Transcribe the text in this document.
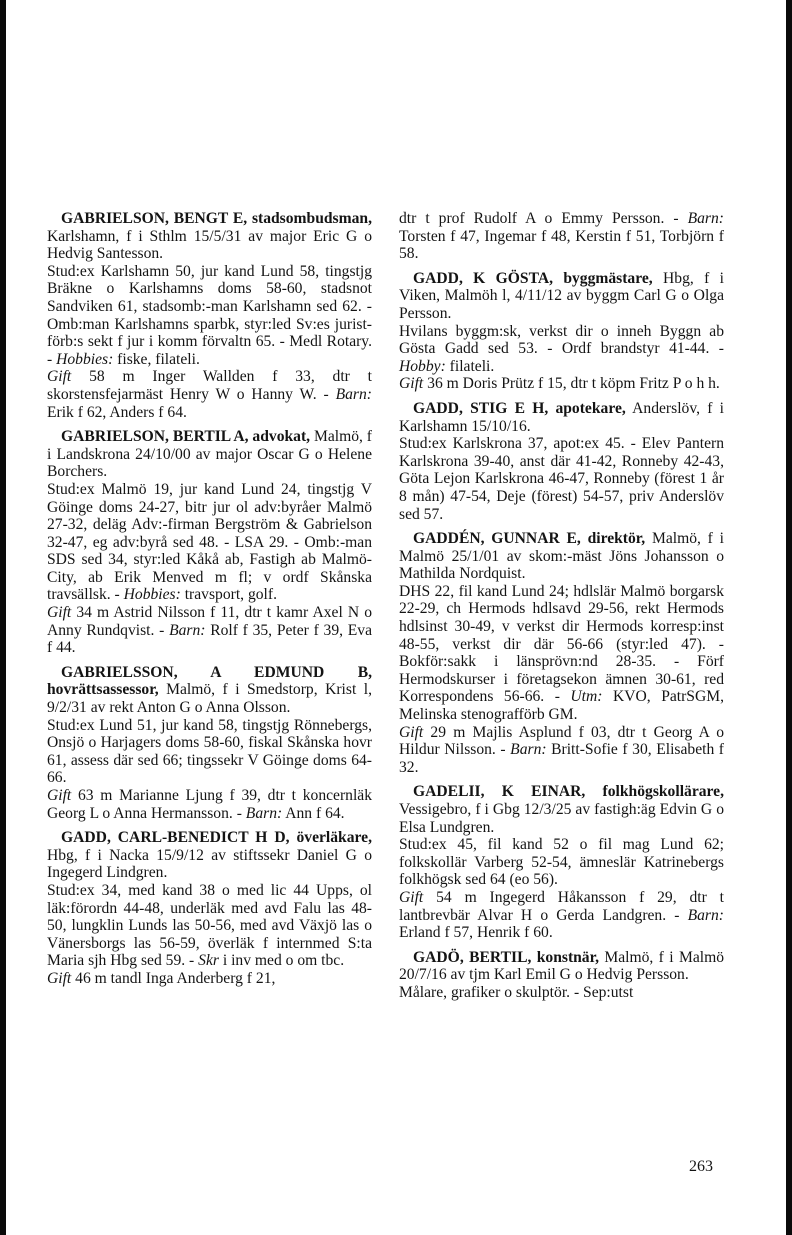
GABRIELSON, BENGT E, stadsombudsman, Karlshamn, f i Sthlm 15/5/31 av major Eric G o Hedvig Santesson.

Stud:ex Karlshamn 50, jur kand Lund 58, tingstjg Bräkne o Karlshamns doms 58-60, stadsnot Sandviken 61, stadsomb:-man Karlshamn sed 62. - Omb:man Karlshamns sparbk, styr:led Sv:es jurist-förb:s sekt f jur i komm förvaltn 65. - Medl Rotary. - Hobbies: fiske, filateli.

Gift 58 m Inger Wallden f 33, dtr t skorstensfejarmäst Henry W o Hanny W. - Barn: Erik f 62, Anders f 64.

GABRIELSON, BERTIL A, advokat, Malmö, f i Landskrona 24/10/00 av major Oscar G o Helene Borchers.

Stud:ex Malmö 19, jur kand Lund 24, tingstjg V Göinge doms 24-27, bitr jur ol adv:byråer Malmö 27-32, deläg Adv:-firman Bergström & Gabrielson 32-47, eg adv:byrå sed 48. - LSA 29. - Omb:-man SDS sed 34, styr:led Kåkå ab, Fastigh ab Malmö-City, ab Erik Menved m fl; v ordf Skånska travsällsk. - Hobbies: travsport, golf.

Gift 34 m Astrid Nilsson f 11, dtr t kamr Axel N o Anny Rundqvist. - Barn: Rolf f 35, Peter f 39, Eva f 44.

GABRIELSSON, A EDMUND B, hovrättsassessor, Malmö, f i Smedstorp, Krist l, 9/2/31 av rekt Anton G o Anna Olsson.

Stud:ex Lund 51, jur kand 58, tingstjg Rönnebergs, Onsjö o Harjagers doms 58-60, fiskal Skånska hovr 61, assess där sed 66; tingssekr V Göinge doms 64-66.

Gift 63 m Marianne Ljung f 39, dtr t koncernläk Georg L o Anna Hermansson. - Barn: Ann f 64.

GADD, CARL-BENEDICT H D, överläkare, Hbg, f i Nacka 15/9/12 av stiftssekr Daniel G o Ingegerd Lindgren.

Stud:ex 34, med kand 38 o med lic 44 Upps, ol läk:förordn 44-48, underläk med avd Falu las 48-50, lungklin Lunds las 50-56, med avd Växjö las o Vänersborgs las 56-59, överläk f internmed S:ta Maria sjh Hbg sed 59. - Skr i inv med o om tbc.

Gift 46 m tandl Inga Anderberg f 21,

dtr t prof Rudolf A o Emmy Persson. - Barn: Torsten f 47, Ingemar f 48, Kerstin f 51, Torbjörn f 58.

GADD, K GÖSTA, byggmästare, Hbg, f i Viken, Malmöh l, 4/11/12 av byggm Carl G o Olga Persson.

Hvilans byggm:sk, verkst dir o inneh Byggn ab Gösta Gadd sed 53. - Ordf brandstyr 41-44. - Hobby: filateli.

Gift 36 m Doris Prütz f 15, dtr t köpm Fritz P o h h.

GADD, STIG E H, apotekare, Anderslöv, f i Karlshamn 15/10/16.

Stud:ex Karlskrona 37, apot:ex 45. - Elev Pantern Karlskrona 39-40, anst där 41-42, Ronneby 42-43, Göta Lejon Karlskrona 46-47, Ronneby (förest 1 år 8 mån) 47-54, Deje (förest) 54-57, priv Anderslöv sed 57.

GADDÉN, GUNNAR E, direktör, Malmö, f i Malmö 25/1/01 av skom:-mäst Jöns Johansson o Mathilda Nordquist.

DHS 22, fil kand Lund 24; hdlslär Malmö borgarsk 22-29, ch Hermods hdlsavd 29-56, rekt Hermods hdlsinst 30-49, v verkst dir Hermods korresp:inst 48-55, verkst dir där 56-66 (styr:led 47). - Bokför:sakk i länsprövn:nd 28-35. - Förf Hermodskurser i företagsekon ämnen 30-61, red Korrespondens 56-66. - Utm: KVO, PatrSGM, Melinska stenografförb GM.

Gift 29 m Majlis Asplund f 03, dtr t Georg A o Hildur Nilsson. - Barn: Britt-Sofie f 30, Elisabeth f 32.

GADELII, K EINAR, folkhögskollärare, Vessigebro, f i Gbg 12/3/25 av fastigh:äg Edvin G o Elsa Lundgren.

Stud:ex 45, fil kand 52 o fil mag Lund 62; folkskollär Varberg 52-54, ämneslär Katrinebergs folkhögsk sed 64 (eo 56).

Gift 54 m Ingegerd Håkansson f 29, dtr t lantbrevbär Alvar H o Gerda Landgren. - Barn: Erland f 57, Henrik f 60.

GADÖ, BERTIL, konstnär, Malmö, f i Malmö 20/7/16 av tjm Karl Emil G o Hedvig Persson.

Målare, grafiker o skulptör. - Sep:utst

263
